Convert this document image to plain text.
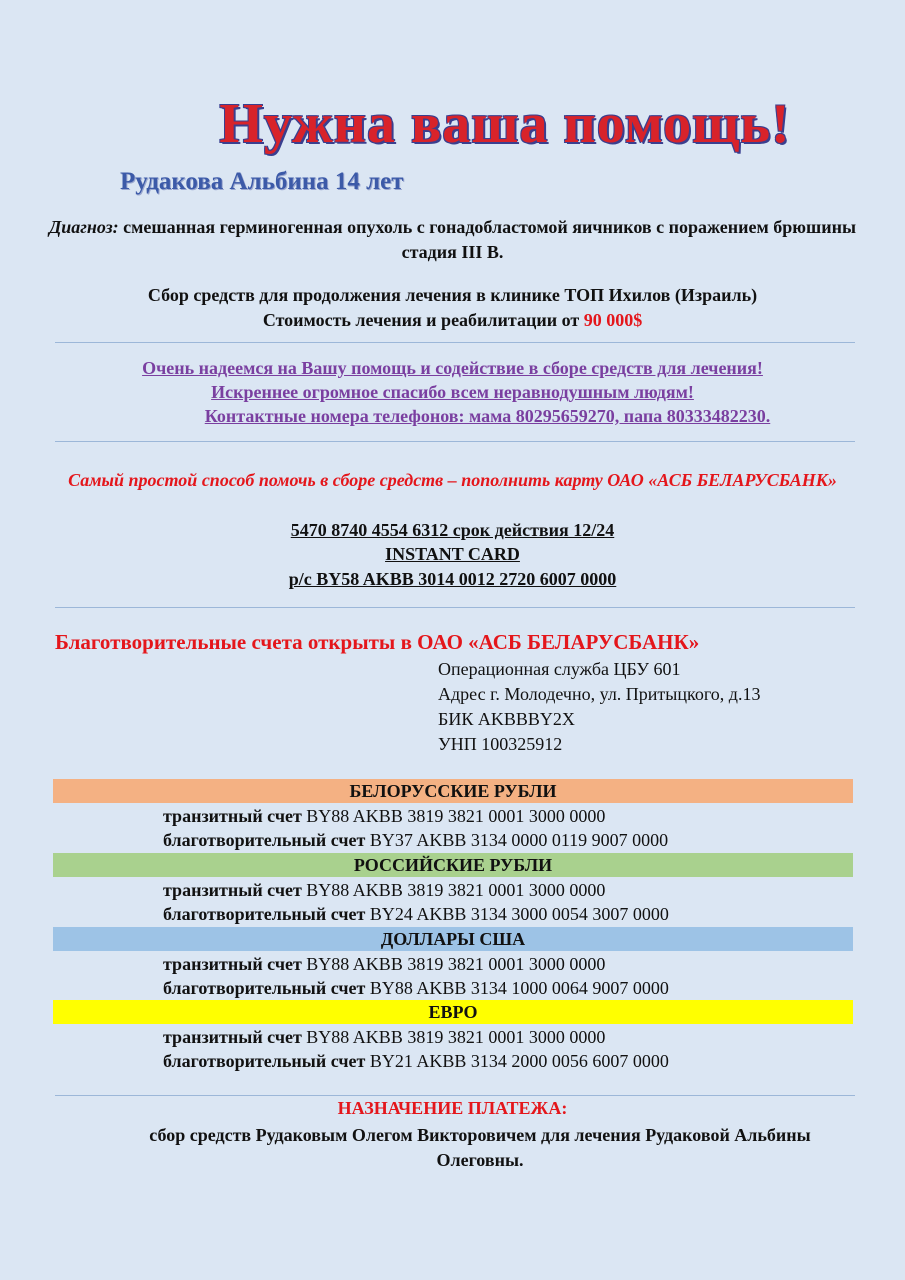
Нужна ваша помощь!
Рудакова Альбина 14 лет
Диагноз: смешанная герминогенная опухоль с гонадобластомой яичников с поражением брюшины стадия III B.
Сбор средств для продолжения лечения в клинике ТОП Ихилов (Израиль)
Стоимость лечения и реабилитации от 90 000$
Очень надеемся на Вашу помощь и содействие в сборе средств для лечения!
Искреннее огромное спасибо всем неравнодушным людям!
Контактные номера телефонов: мама 80295659270, папа 80333482230.
Самый простой способ помочь в сборе средств – пополнить карту ОАО «АСБ БЕЛАРУСБАНК»
5470 8740 4554 6312 срок действия 12/24
INSTANT CARD
р/с BY58 AKBB 3014 0012 2720 6007 0000
Благотворительные счета открыты в ОАО «АСБ БЕЛАРУСБАНК»
Операционная служба ЦБУ 601
Адрес г. Молодечно, ул. Притыцкого, д.13
БИК AKBBBY2X
УНП 100325912
БЕЛОРУССКИЕ РУБЛИ
транзитный счет BY88 AKBB 3819 3821 0001 3000 0000
благотворительный счет BY37 AKBB 3134 0000 0119 9007 0000
РОССИЙСКИЕ РУБЛИ
транзитный счет BY88 AKBB 3819 3821 0001 3000 0000
благотворительный счет BY24 AKBB 3134 3000 0054 3007 0000
ДОЛЛАРЫ США
транзитный счет BY88 AKBB 3819 3821 0001 3000 0000
благотворительный счет BY88 AKBB 3134 1000 0064 9007 0000
ЕВРО
транзитный счет BY88 AKBB 3819 3821 0001 3000 0000
благотворительный счет BY21 AKBB 3134 2000 0056 6007 0000
НАЗНАЧЕНИЕ ПЛАТЕЖА:
сбор средств Рудаковым Олегом Викторовичем для лечения Рудаковой Альбины Олеговны.
